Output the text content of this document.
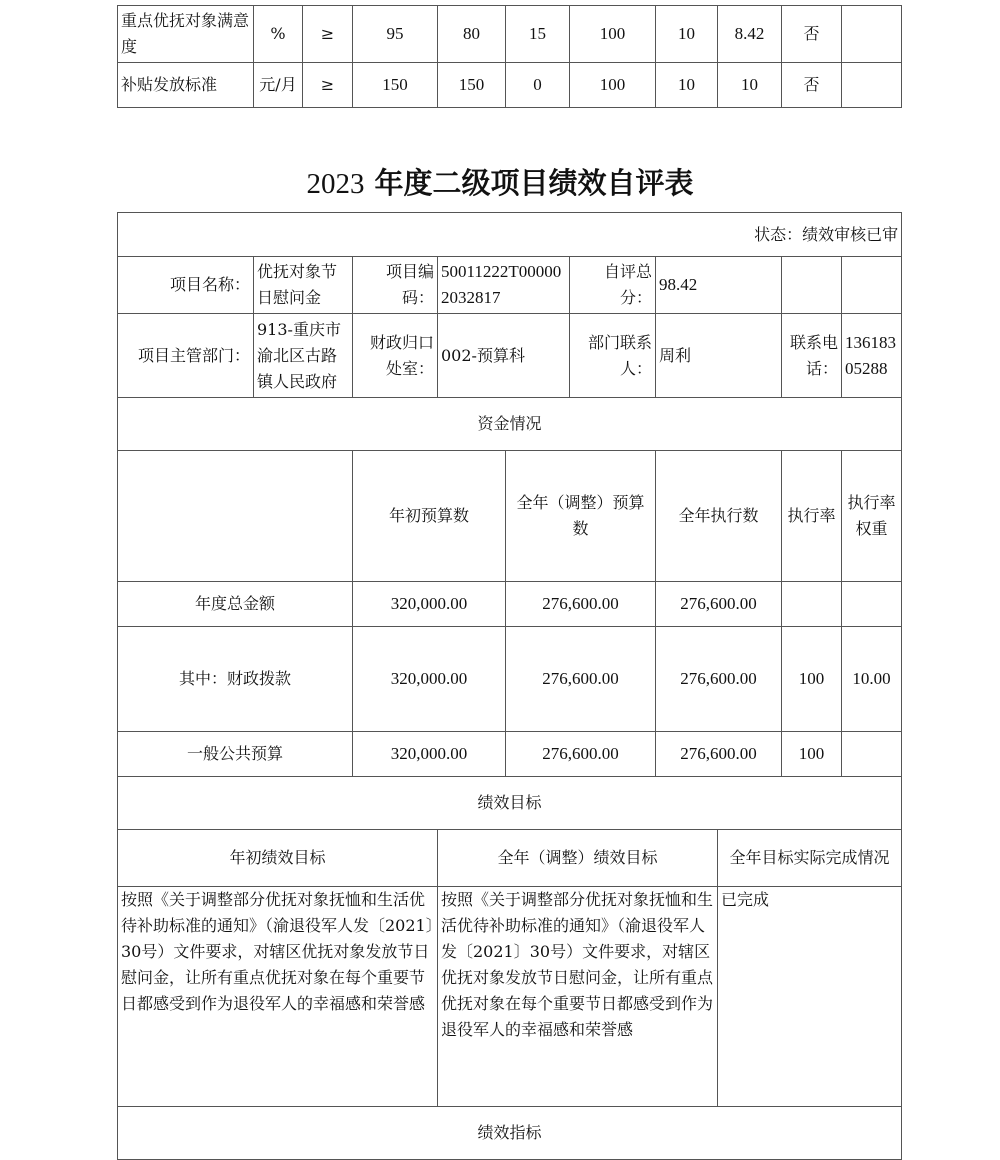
重点优抚对象满意度	%	≥	95	80	15	100	10	8.42	否	
补贴发放标准	元/月	≥	150	150	0	100	10	10	否	
2023 年度二级项目绩效自评表
状态：绩效审核已审										
项目名称：	优抚对象节日慰问金	项目编码：	50011222T000002032817		自评总分：	98.42				
项目主管部门：	913-重庆市渝北区古路镇人民政府	财政归口处室：	002-预算科		部门联系人：	周利		联系电话：	13618305288	
资金情况										
		年初预算数		全年（调整）预算数		全年执行数		执行率	执行率权重	
年度总金额		320,000.00		276,600.00		276,600.00				
其中：财政拨款		320,000.00		276,600.00		276,600.00		100	10.00	
一般公共预算		320,000.00		276,600.00		276,600.00		100		
绩效目标										
年初绩效目标			全年（调整）绩效目标				全年目标实际完成情况			
按照《关于调整部分优抚对象抚恤和生活优待补助标准的通知》（渝退役军人发〔2021〕30号）文件要求，对辖区优抚对象发放节日慰问金，让所有重点优抚对象在每个重要节日都感受到作为退役军人的幸福感和荣誉感			按照《关于调整部分优抚对象抚恤和生活优待补助标准的通知》（渝退役军人发〔2021〕30号）文件要求，对辖区优抚对象发放节日慰问金，让所有重点优抚对象在每个重要节日都感受到作为退役军人的幸福感和荣誉感				已完成			
绩效指标										
